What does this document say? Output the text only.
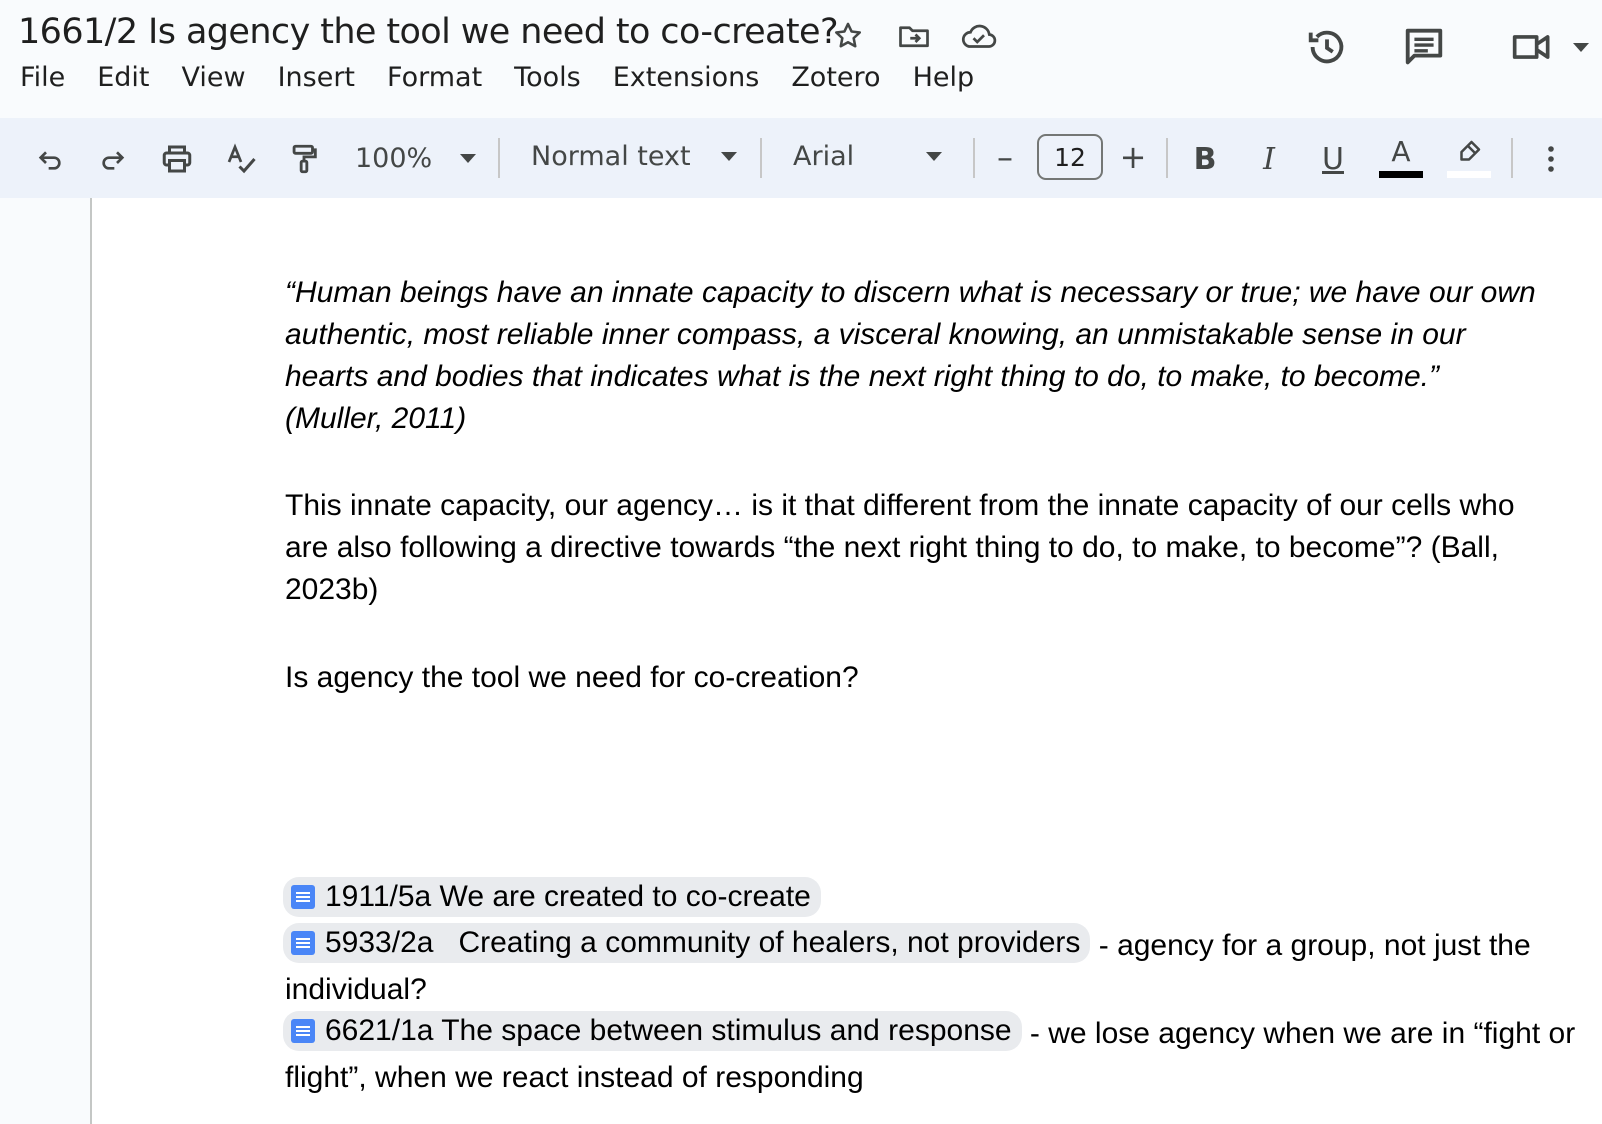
1661/2 Is agency the tool we need to co-create?
File	Edit	View	Insert	Format	Tools	Extensions	Zotero	Help
100%	Normal text	Arial	–	12	+ B I U A
“Human beings have an innate capacity to discern what is necessary or true; we have our own authentic, most reliable inner compass, a visceral knowing, an unmistakable sense in our hearts and bodies that indicates what is the next right thing to do, to make, to become.” (Muller, 2011)
This innate capacity, our agency… is it that different from the innate capacity of our cells who are also following a directive towards “the next right thing to do, to make, to become”? (Ball, 2023b)
Is agency the tool we need for co-creation?
1911/5a We are created to co-create
5933/2a   Creating a community of healers, not providers - agency for a group, not just the individual?
6621/1a The space between stimulus and response - we lose agency when we are in “fight or flight”, when we react instead of responding
